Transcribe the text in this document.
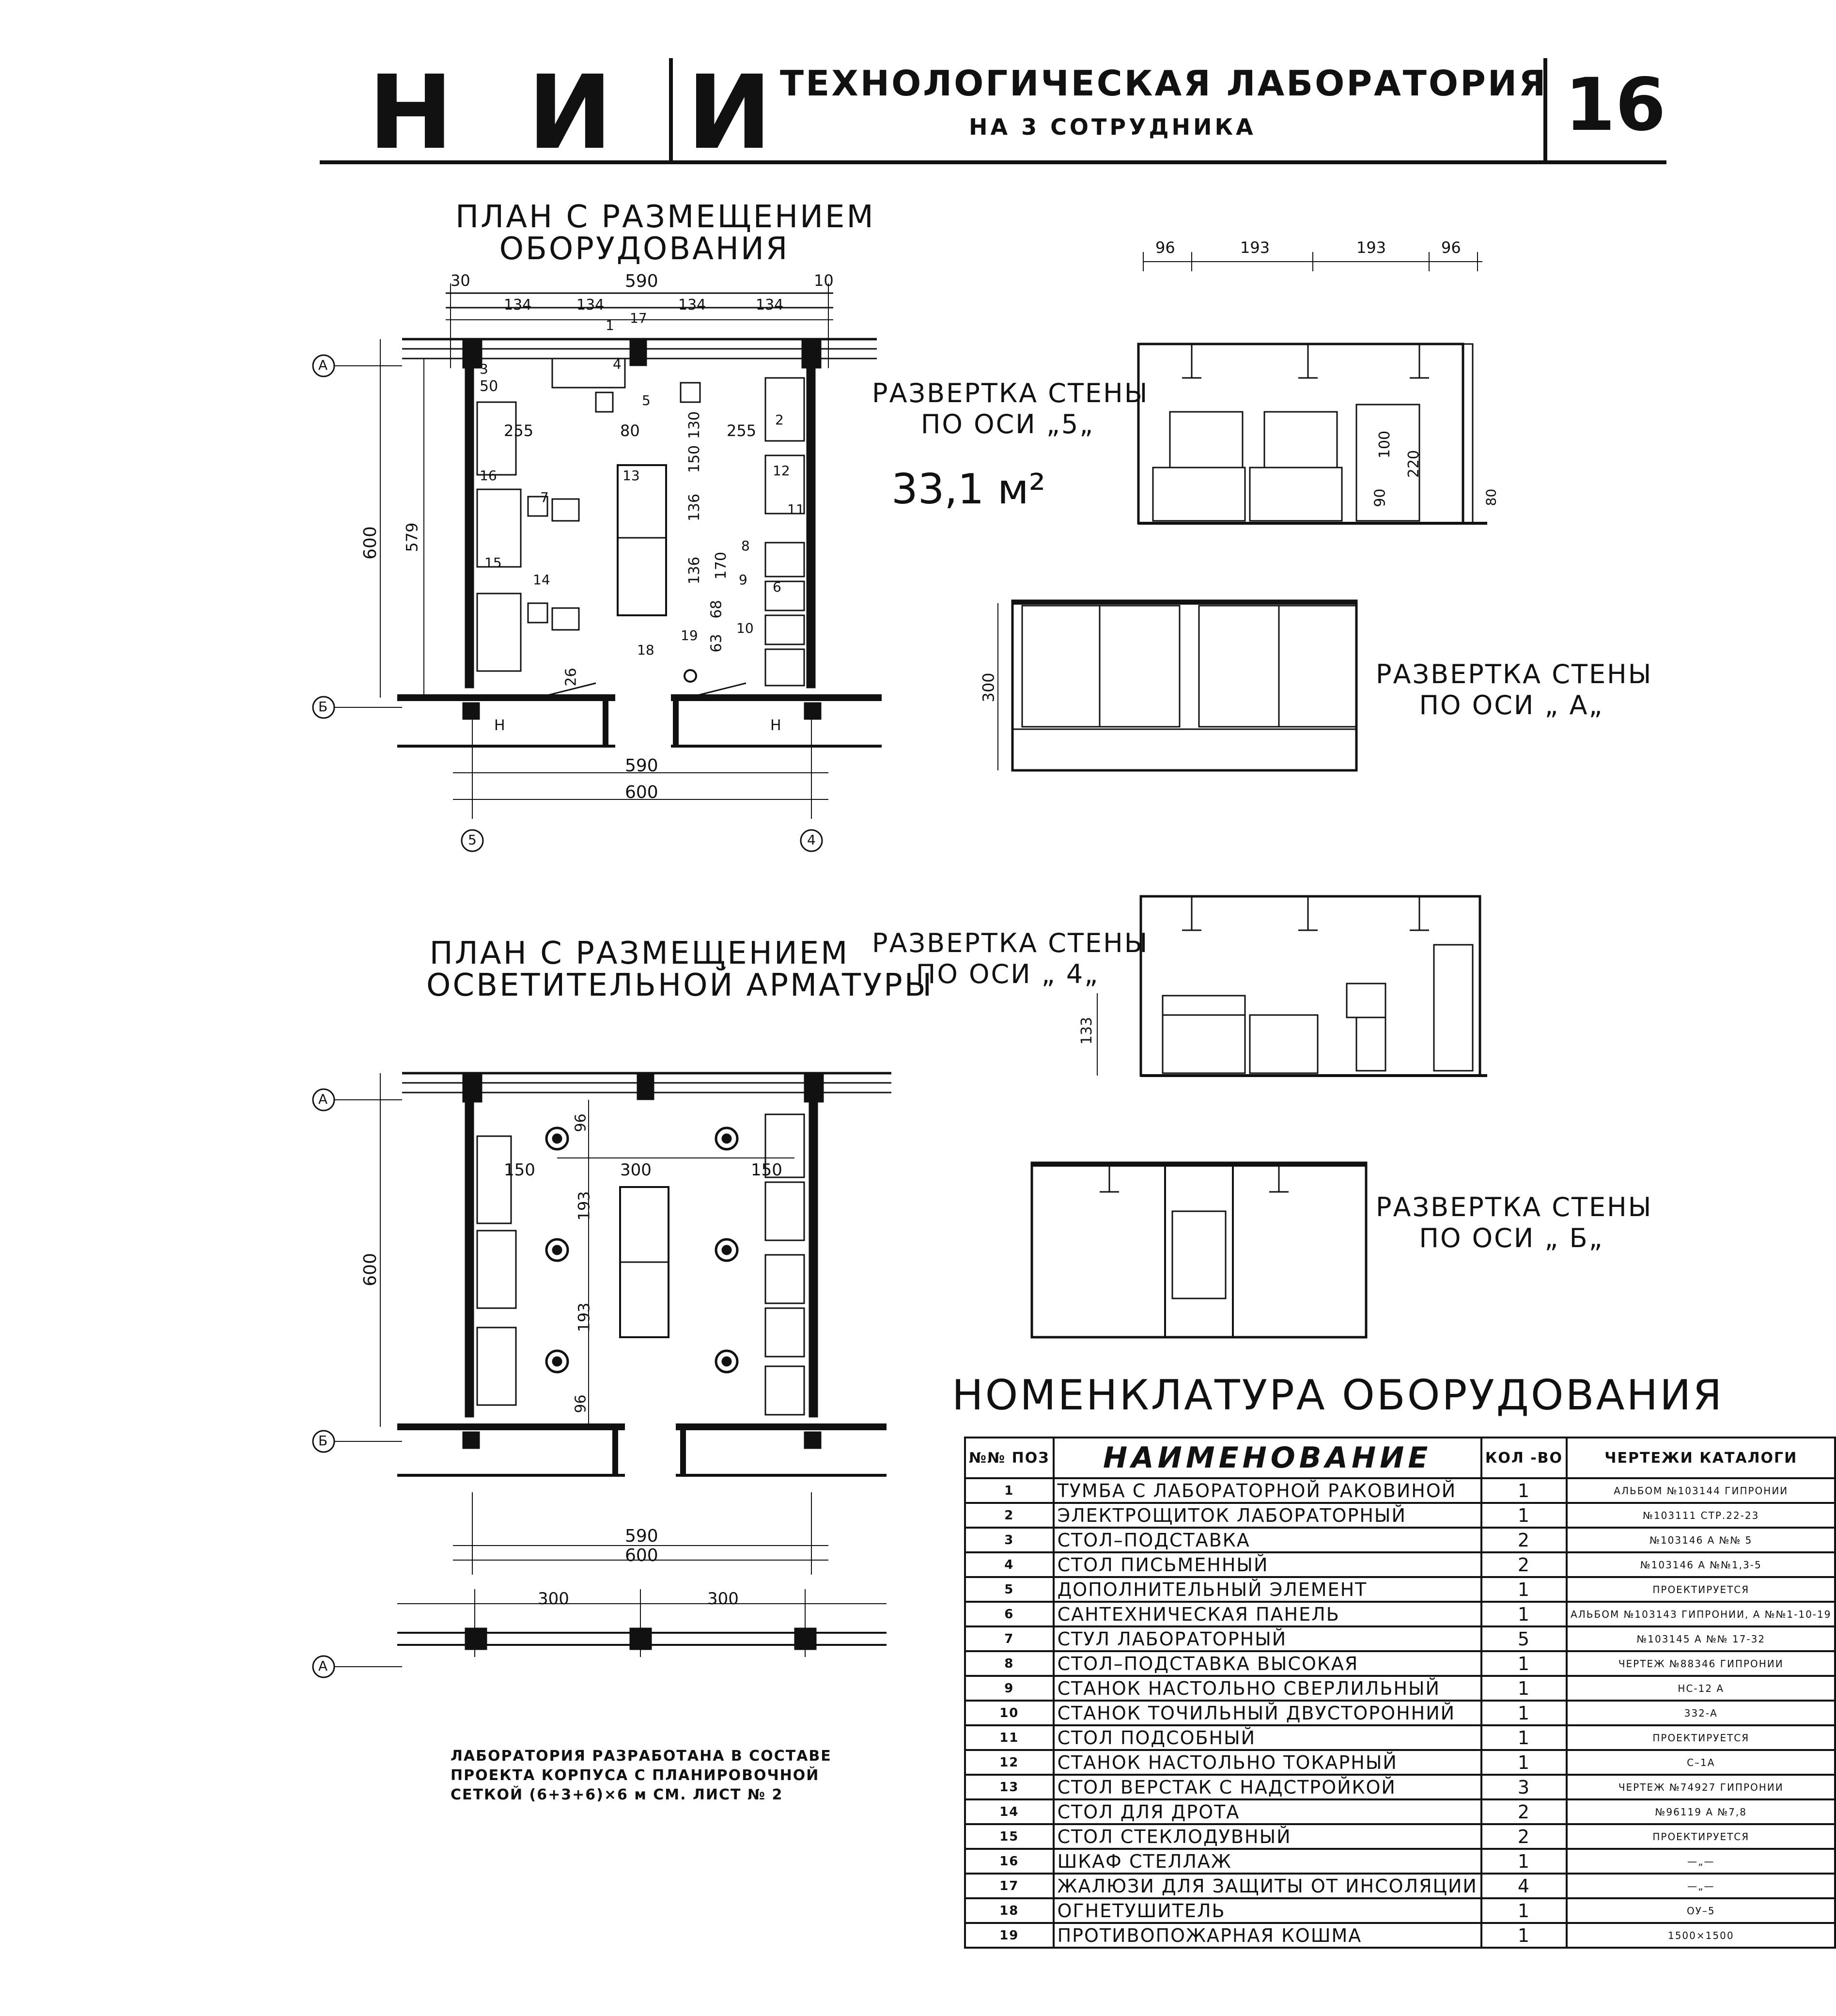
Н И И
ТЕХНОЛОГИЧЕСКАЯ ЛАБОРАТОРИЯ
НА 3 СОТРУДНИКА	16
ПЛАН С РАЗМЕЩЕНИЕМ
ОБОРУДОВАНИЯ
590
30	10
134	134	134	134
600 579
255	255
80
50
130
150
136
136 170
68
63
26
590
600
А
Б
5	4
Н	Н
1
2
3	4
5
6
7
8
9
10
11
12
13
14
15
16
17
18
19
33,1 м²
РАЗВЕРТКА СТЕНЫ
ПО ОСИ „5„
96	193	193	96
100
220
90	80
РАЗВЕРТКА СТЕНЫ
ПО ОСИ „ А„
300
РАЗВЕРТКА СТЕНЫ
ПО ОСИ „ 4„
133
РАЗВЕРТКА СТЕНЫ
ПО ОСИ „ Б„
ПЛАН С РАЗМЕЩЕНИЕМ
ОСВЕТИТЕЛЬНОЙ АРМАТУРЫ
150	300	150
193
193
96
96
600
590
600
300	300
А
Б
А
ЛАБОРАТОРИЯ РАЗРАБОТАНА В СОСТАВЕ ПРОЕКТА КОРПУСА С ПЛАНИРОВОЧНОЙ СЕТКОЙ (6+3+6)×6 м СМ. ЛИСТ № 2
НОМЕНКЛАТУРА ОБОРУДОВАНИЯ
№№ ПОЗ	НАИМЕНОВАНИЕ	КОЛ -ВО	ЧЕРТЕЖИ КАТАЛОГИ
1	ТУМБА С ЛАБОРАТОРНОЙ РАКОВИНОЙ	1	АЛЬБОМ №103144 ГИПРОНИИ
2	ЭЛЕКТРОЩИТОК ЛАБОРАТОРНЫЙ	1	№103111 СТР.22-23
3	СТОЛ–ПОДСТАВКА	2	№103146 А №№ 5
4	СТОЛ ПИСЬМЕННЫЙ	2	№103146 А №№1,3-5
5	ДОПОЛНИТЕЛЬНЫЙ ЭЛЕМЕНТ	1	ПРОЕКТИРУЕТСЯ
6	САНТЕХНИЧЕСКАЯ ПАНЕЛЬ	1	АЛЬБОМ №103143 ГИПРОНИИ, А №№1-10-19
7	СТУЛ ЛАБОРАТОРНЫЙ	5	№103145 А №№ 17-32
8	СТОЛ–ПОДСТАВКА ВЫСОКАЯ	1	ЧЕРТЕЖ №88346 ГИПРОНИИ
9	СТАНОК НАСТОЛЬНО СВЕРЛИЛЬНЫЙ	1	НС-12 А
10	СТАНОК ТОЧИЛЬНЫЙ ДВУСТОРОННИЙ	1	332-А
11	СТОЛ ПОДСОБНЫЙ	1	ПРОЕКТИРУЕТСЯ
12	СТАНОК НАСТОЛЬНО ТОКАРНЫЙ	1	С–1А
13	СТОЛ ВЕРСТАК С НАДСТРОЙКОЙ	3	ЧЕРТЕЖ №74927 ГИПРОНИИ
14	СТОЛ ДЛЯ ДРОТА	2	№96119 А №7,8
15	СТОЛ СТЕКЛОДУВНЫЙ	2	ПРОЕКТИРУЕТСЯ
16	ШКАФ СТЕЛЛАЖ	1	—„—
17	ЖАЛЮЗИ ДЛЯ ЗАЩИТЫ ОТ ИНСОЛЯЦИИ	4	—„—
18	ОГНЕТУШИТЕЛЬ	1	ОУ–5
19	ПРОТИВОПОЖАРНАЯ КОШМА	1	1500×1500
